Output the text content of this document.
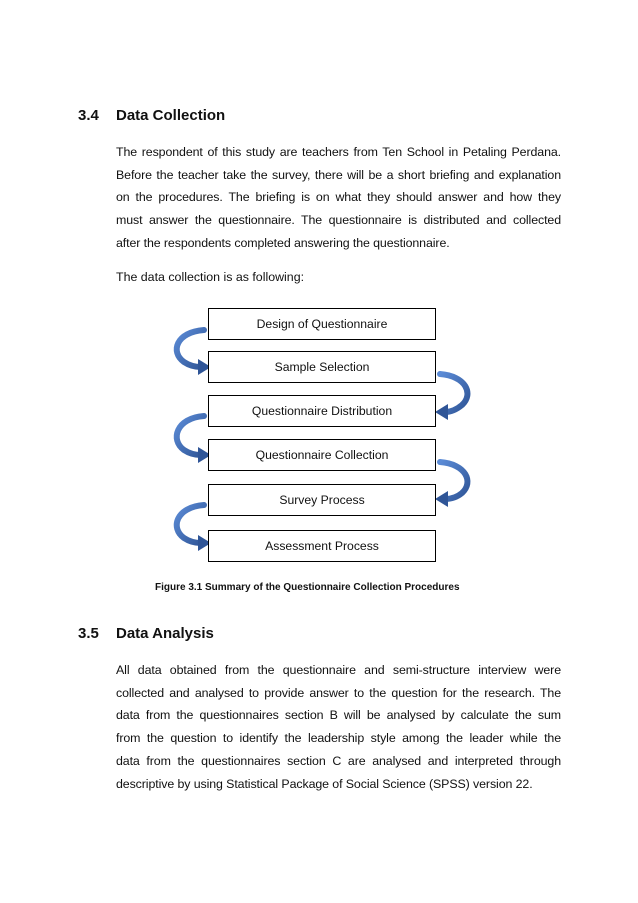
3.4 Data Collection

The respondent of this study are teachers from Ten School in Petaling Perdana.
Before the teacher take the survey, there will be a short briefing and explanation
on the procedures. The briefing is on what they should answer and how they
must answer the questionnaire. The questionnaire is distributed and collected
after the respondents completed answering the questionnaire.

The data collection is as following:

Design of Questionnaire
Sample Selection
Questionnaire Distribution
Questionnaire Collection
Survey Process
Assessment Process

Figure 3.1 Summary of the Questionnaire Collection Procedures

3.5 Data Analysis

All data obtained from the questionnaire and semi-structure interview were
collected and analysed to provide answer to the question for the research. The
data from the questionnaires section B will be analysed by calculate the sum
from the question to identify the leadership style among the leader while the
data from the questionnaires section C are analysed and interpreted through
descriptive by using Statistical Package of Social Science (SPSS) version 22.
